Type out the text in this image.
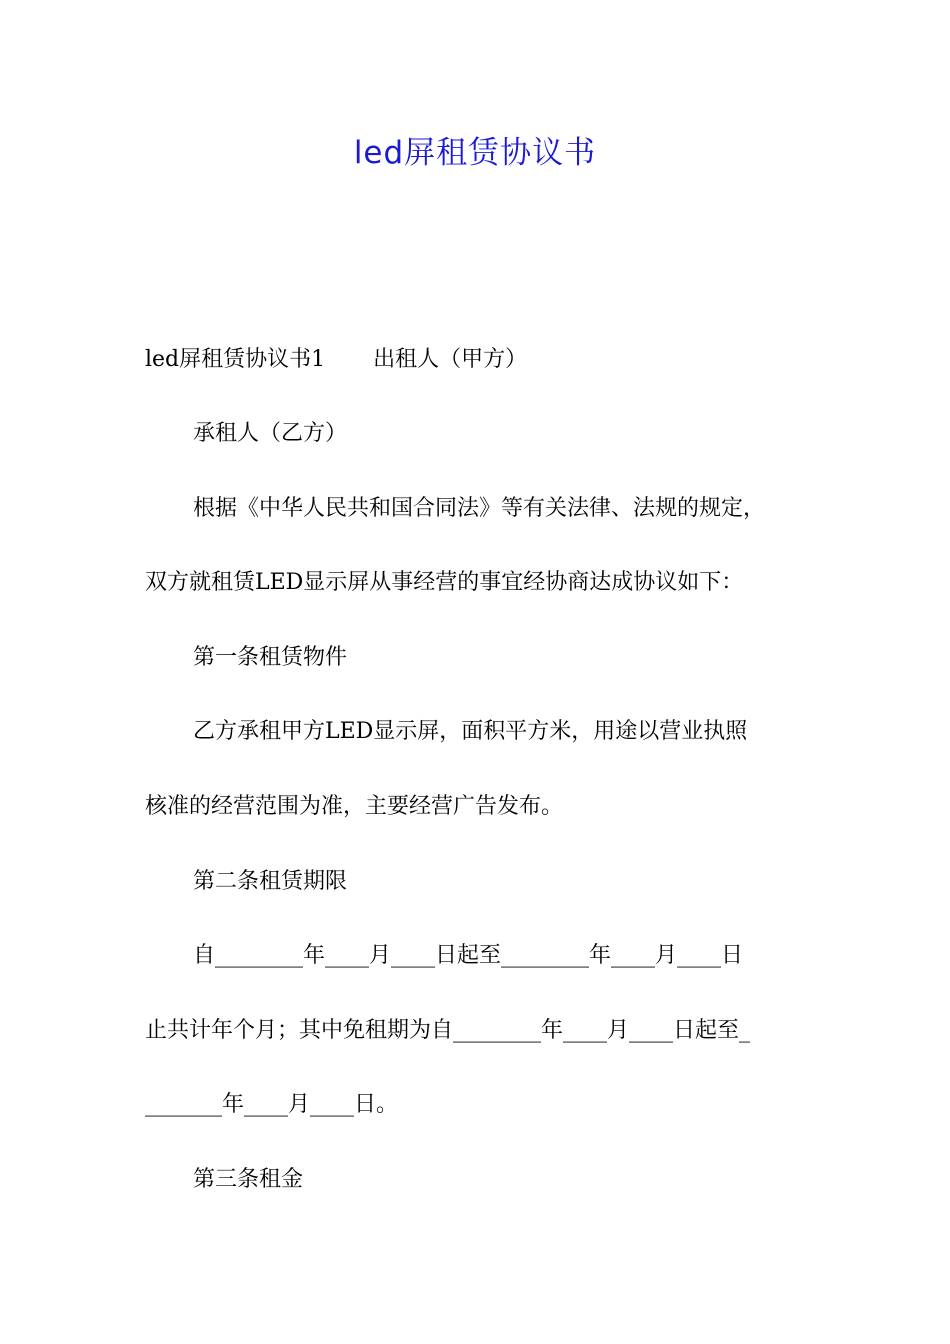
led屏租赁协议书
led屏租赁协议书1 出租人（甲方）
承租人（乙方）
根据《中华人民共和国合同法》等有关法律、法规的规定，
双方就租赁LED显示屏从事经营的事宜经协商达成协议如下：
第一条租赁物件
乙方承租甲方LED显示屏，面积平方米，用途以营业执照
核准的经营范围为准，主要经营广告发布。
第二条租赁期限
自________年____月____日起至________年____月____日
止共计年个月；其中免租期为自________年____月____日起至_
_______年____月____日。
第三条租金
